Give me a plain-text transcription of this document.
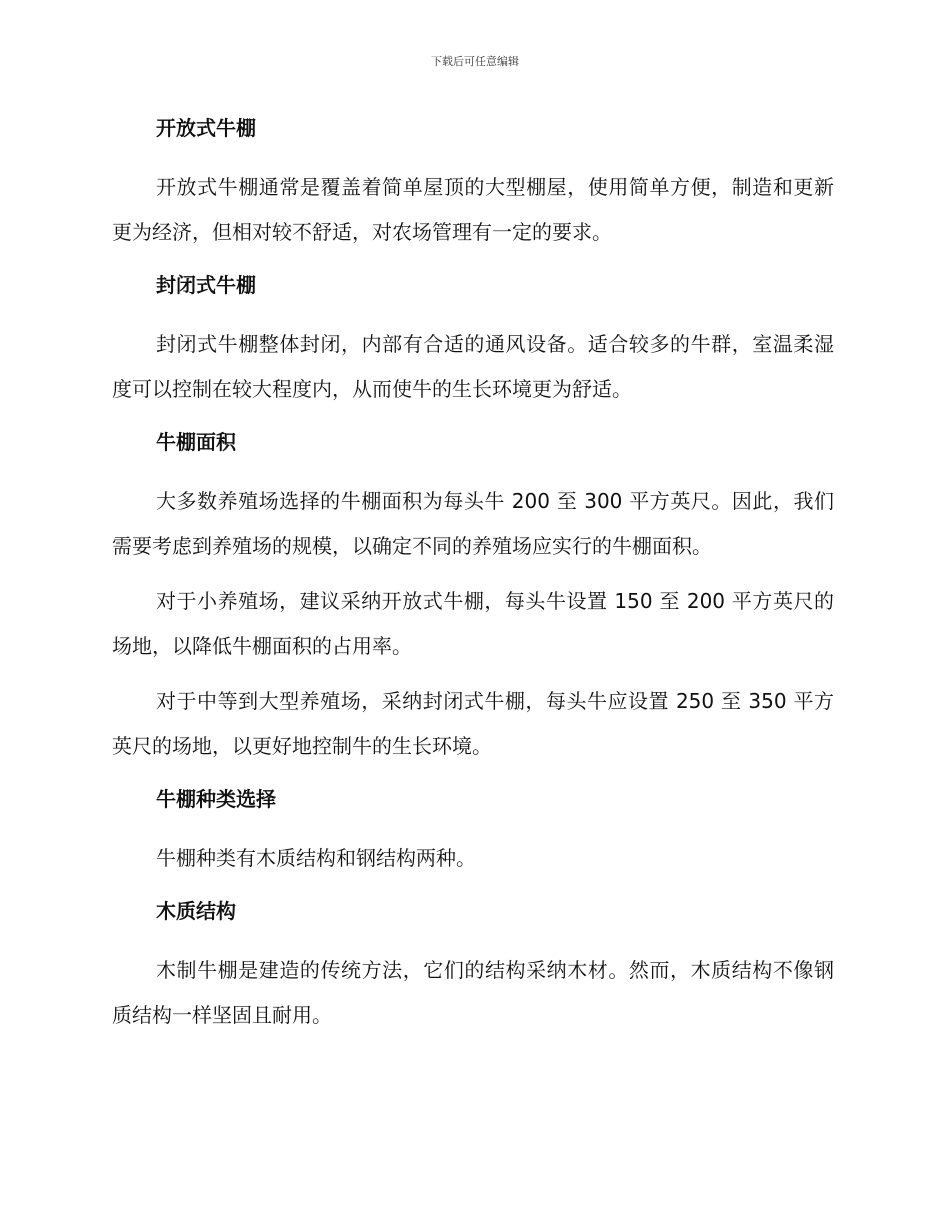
下载后可任意编辑
开放式牛棚

开放式牛棚通常是覆盖着简单屋顶的大型棚屋，使用简单方便，制造和更新更为经济，但相对较不舒适，对农场管理有一定的要求。

封闭式牛棚

封闭式牛棚整体封闭，内部有合适的通风设备。适合较多的牛群，室温柔湿度可以控制在较大程度内，从而使牛的生长环境更为舒适。

牛棚面积

大多数养殖场选择的牛棚面积为每头牛 200 至 300 平方英尺。因此，我们需要考虑到养殖场的规模，以确定不同的养殖场应实行的牛棚面积。

对于小养殖场，建议采纳开放式牛棚，每头牛设置 150 至 200 平方英尺的场地，以降低牛棚面积的占用率。

对于中等到大型养殖场，采纳封闭式牛棚，每头牛应设置 250 至 350 平方英尺的场地，以更好地控制牛的生长环境。

牛棚种类选择

牛棚种类有木质结构和钢结构两种。

木质结构

木制牛棚是建造的传统方法，它们的结构采纳木材。然而，木质结构不像钢质结构一样坚固且耐用。
